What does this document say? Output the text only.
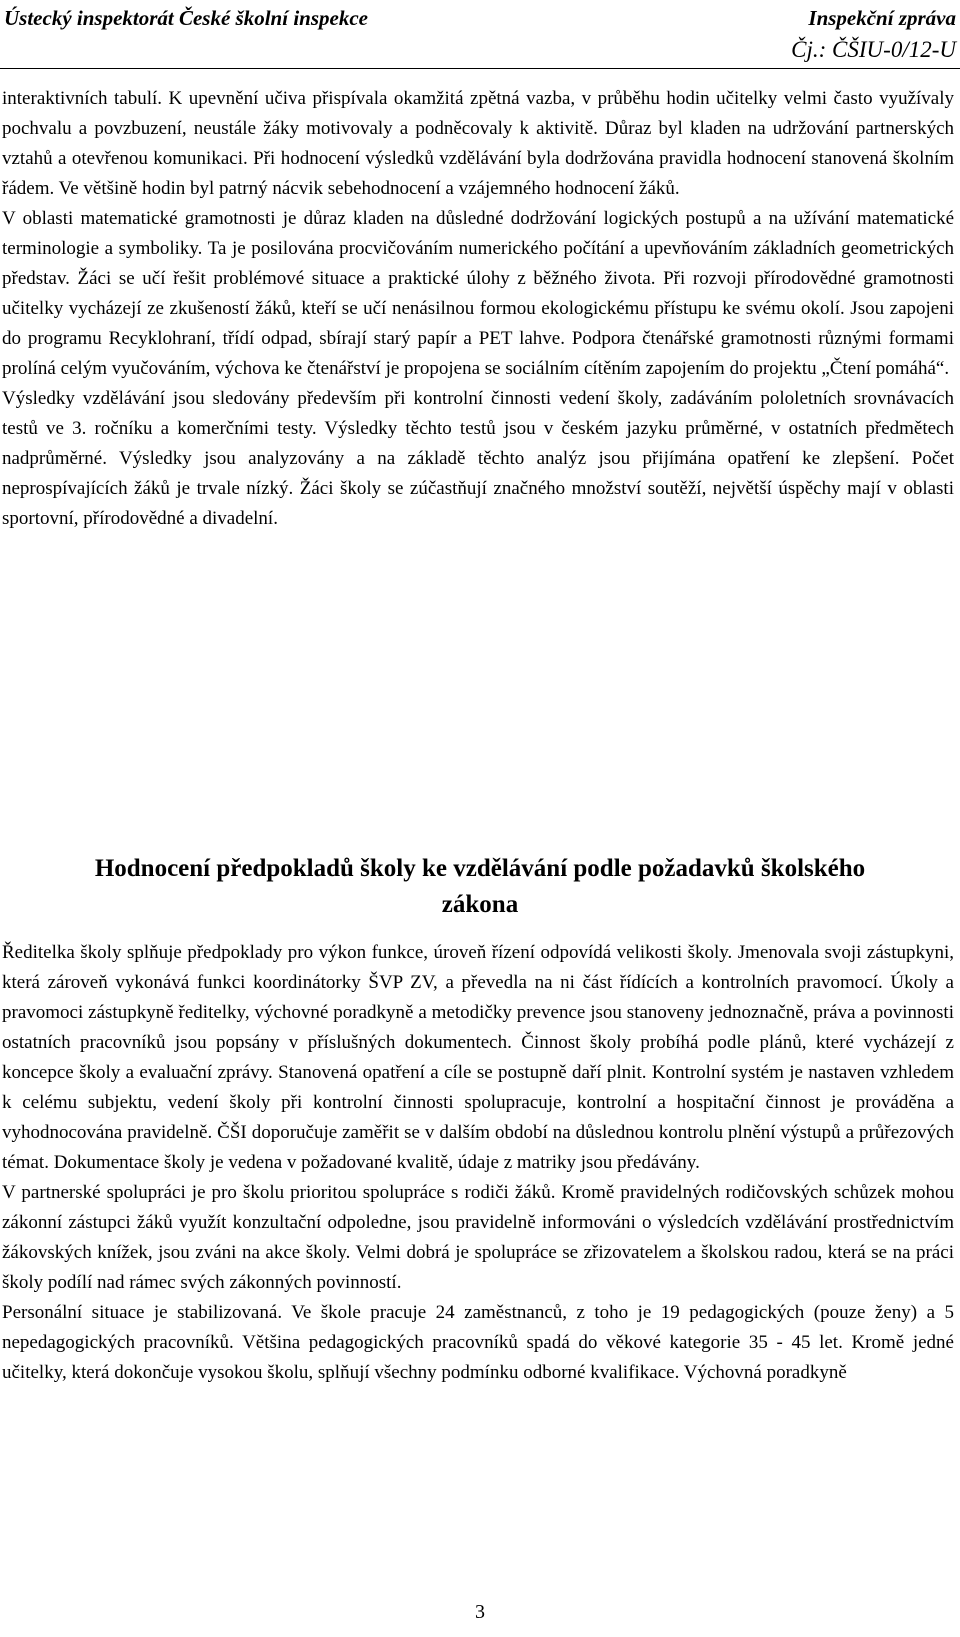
Ústecký inspektorát České školní inspekce	Inspekční zpráva
Čj.: ČŠIU-0/12-U

interaktivních tabulí. K upevnění učiva přispívala okamžitá zpětná vazba, v průběhu hodin učitelky velmi často využívaly pochvalu a povzbuzení, neustále žáky motivovaly a podněcovaly k aktivitě. Důraz byl kladen na udržování partnerských vztahů a otevřenou komunikaci. Při hodnocení výsledků vzdělávání byla dodržována pravidla hodnocení stanovená školním řádem. Ve většině hodin byl patrný nácvik sebehodnocení a vzájemného hodnocení žáků.

V oblasti matematické gramotnosti je důraz kladen na důsledné dodržování logických postupů a na užívání matematické terminologie a symboliky. Ta je posilována procvičováním numerického počítání a upevňováním základních geometrických představ. Žáci se učí řešit problémové situace a praktické úlohy z běžného života. Při rozvoji přírodovědné gramotnosti učitelky vycházejí ze zkušeností žáků, kteří se učí nenásilnou formou ekologickému přístupu ke svému okolí. Jsou zapojeni do programu Recyklohraní, třídí odpad, sbírají starý papír a PET lahve. Podpora čtenářské gramotnosti různými formami prolíná celým vyučováním, výchova ke čtenářství je propojena se sociálním cítěním zapojením do projektu „Čtení pomáhá“.

Výsledky vzdělávání jsou sledovány především při kontrolní činnosti vedení školy, zadáváním pololetních srovnávacích testů ve 3. ročníku a komerčními testy. Výsledky těchto testů jsou v českém jazyku průměrné, v ostatních předmětech nadprůměrné. Výsledky jsou analyzovány a na základě těchto analýz jsou přijímána opatření ke zlepšení. Počet neprospívajících žáků je trvale nízký. Žáci školy se zúčastňují značného množství soutěží, největší úspěchy mají v oblasti sportovní, přírodovědné a divadelní.

Hodnocení předpokladů školy ke vzdělávání podle požadavků školského
zákona

Ředitelka školy splňuje předpoklady pro výkon funkce, úroveň řízení odpovídá velikosti školy. Jmenovala svoji zástupkyni, která zároveň vykonává funkci koordinátorky ŠVP ZV, a převedla na ni část řídících a kontrolních pravomocí. Úkoly a pravomoci zástupkyně ředitelky, výchovné poradkyně a metodičky prevence jsou stanoveny jednoznačně, práva a povinnosti ostatních pracovníků jsou popsány v příslušných dokumentech. Činnost školy probíhá podle plánů, které vycházejí z koncepce školy a evaluační zprávy. Stanovená opatření a cíle se postupně daří plnit. Kontrolní systém je nastaven vzhledem k celému subjektu, vedení školy při kontrolní činnosti spolupracuje, kontrolní a hospitační činnost je prováděna a vyhodnocována pravidelně. ČŠI doporučuje zaměřit se v dalším období na důslednou kontrolu plnění výstupů a průřezových témat. Dokumentace školy je vedena v požadované kvalitě, údaje z matriky jsou předávány.

V partnerské spolupráci je pro školu prioritou spolupráce s rodiči žáků. Kromě pravidelných rodičovských schůzek mohou zákonní zástupci žáků využít konzultační odpoledne, jsou pravidelně informováni o výsledcích vzdělávání prostřednictvím žákovských knížek, jsou zváni na akce školy. Velmi dobrá je spolupráce se zřizovatelem a školskou radou, která se na práci školy podílí nad rámec svých zákonných povinností.

Personální situace je stabilizovaná. Ve škole pracuje 24 zaměstnanců, z toho je 19 pedagogických (pouze ženy) a 5 nepedagogických pracovníků. Většina pedagogických pracovníků spadá do věkové kategorie 35 - 45 let. Kromě jedné učitelky, která dokončuje vysokou školu, splňují všechny podmínku odborné kvalifikace. Výchovná poradkyně

3
